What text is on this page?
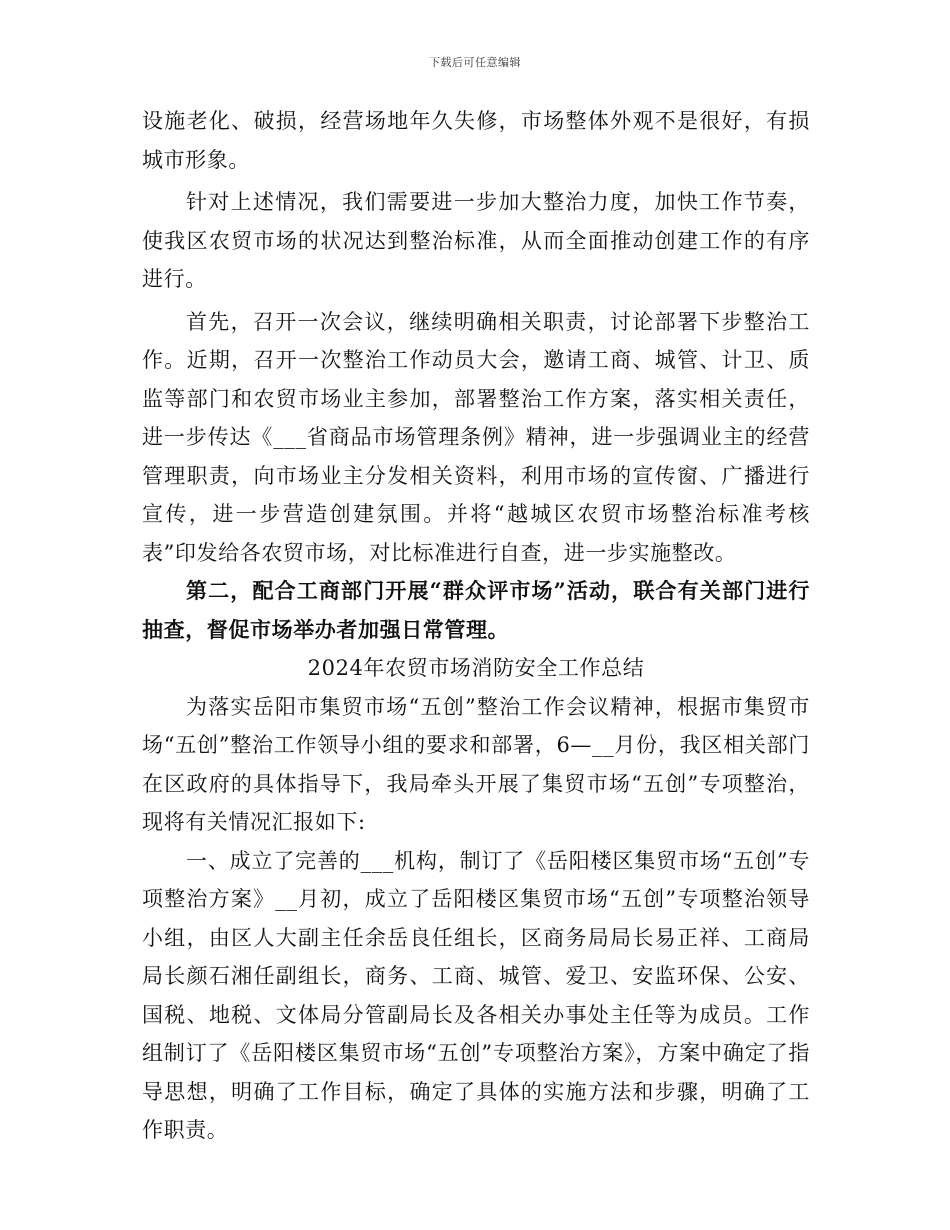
下载后可任意编辑

设施老化、破损，经营场地年久失修，市场整体外观不是很好，有损城市形象。

针对上述情况，我们需要进一步加大整治力度，加快工作节奏，使我区农贸市场的状况达到整治标准，从而全面推动创建工作的有序进行。

首先，召开一次会议，继续明确相关职责，讨论部署下步整治工作。近期，召开一次整治工作动员大会，邀请工商、城管、计卫、质监等部门和农贸市场业主参加，部署整治工作方案，落实相关责任，进一步传达《___省商品市场管理条例》精神，进一步强调业主的经营管理职责，向市场业主分发相关资料，利用市场的宣传窗、广播进行宣传，进一步营造创建氛围。并将“越城区农贸市场整治标准考核表”印发给各农贸市场，对比标准进行自查，进一步实施整改。

第二，配合工商部门开展“群众评市场”活动，联合有关部门进行抽查，督促市场举办者加强日常管理。

2024年农贸市场消防安全工作总结

为落实岳阳市集贸市场“五创”整治工作会议精神，根据市集贸市场“五创”整治工作领导小组的要求和部署，6—__月份，我区相关部门在区政府的具体指导下，我局牵头开展了集贸市场“五创”专项整治，现将有关情况汇报如下:

一、成立了完善的___机构，制订了《岳阳楼区集贸市场“五创”专项整治方案》__月初，成立了岳阳楼区集贸市场“五创”专项整治领导小组，由区人大副主任余岳良任组长，区商务局局长易正祥、工商局局长颜石湘任副组长，商务、工商、城管、爱卫、安监环保、公安、国税、地税、文体局分管副局长及各相关办事处主任等为成员。工作组制订了《岳阳楼区集贸市场“五创”专项整治方案》，方案中确定了指导思想，明确了工作目标，确定了具体的实施方法和步骤，明确了工作职责。
